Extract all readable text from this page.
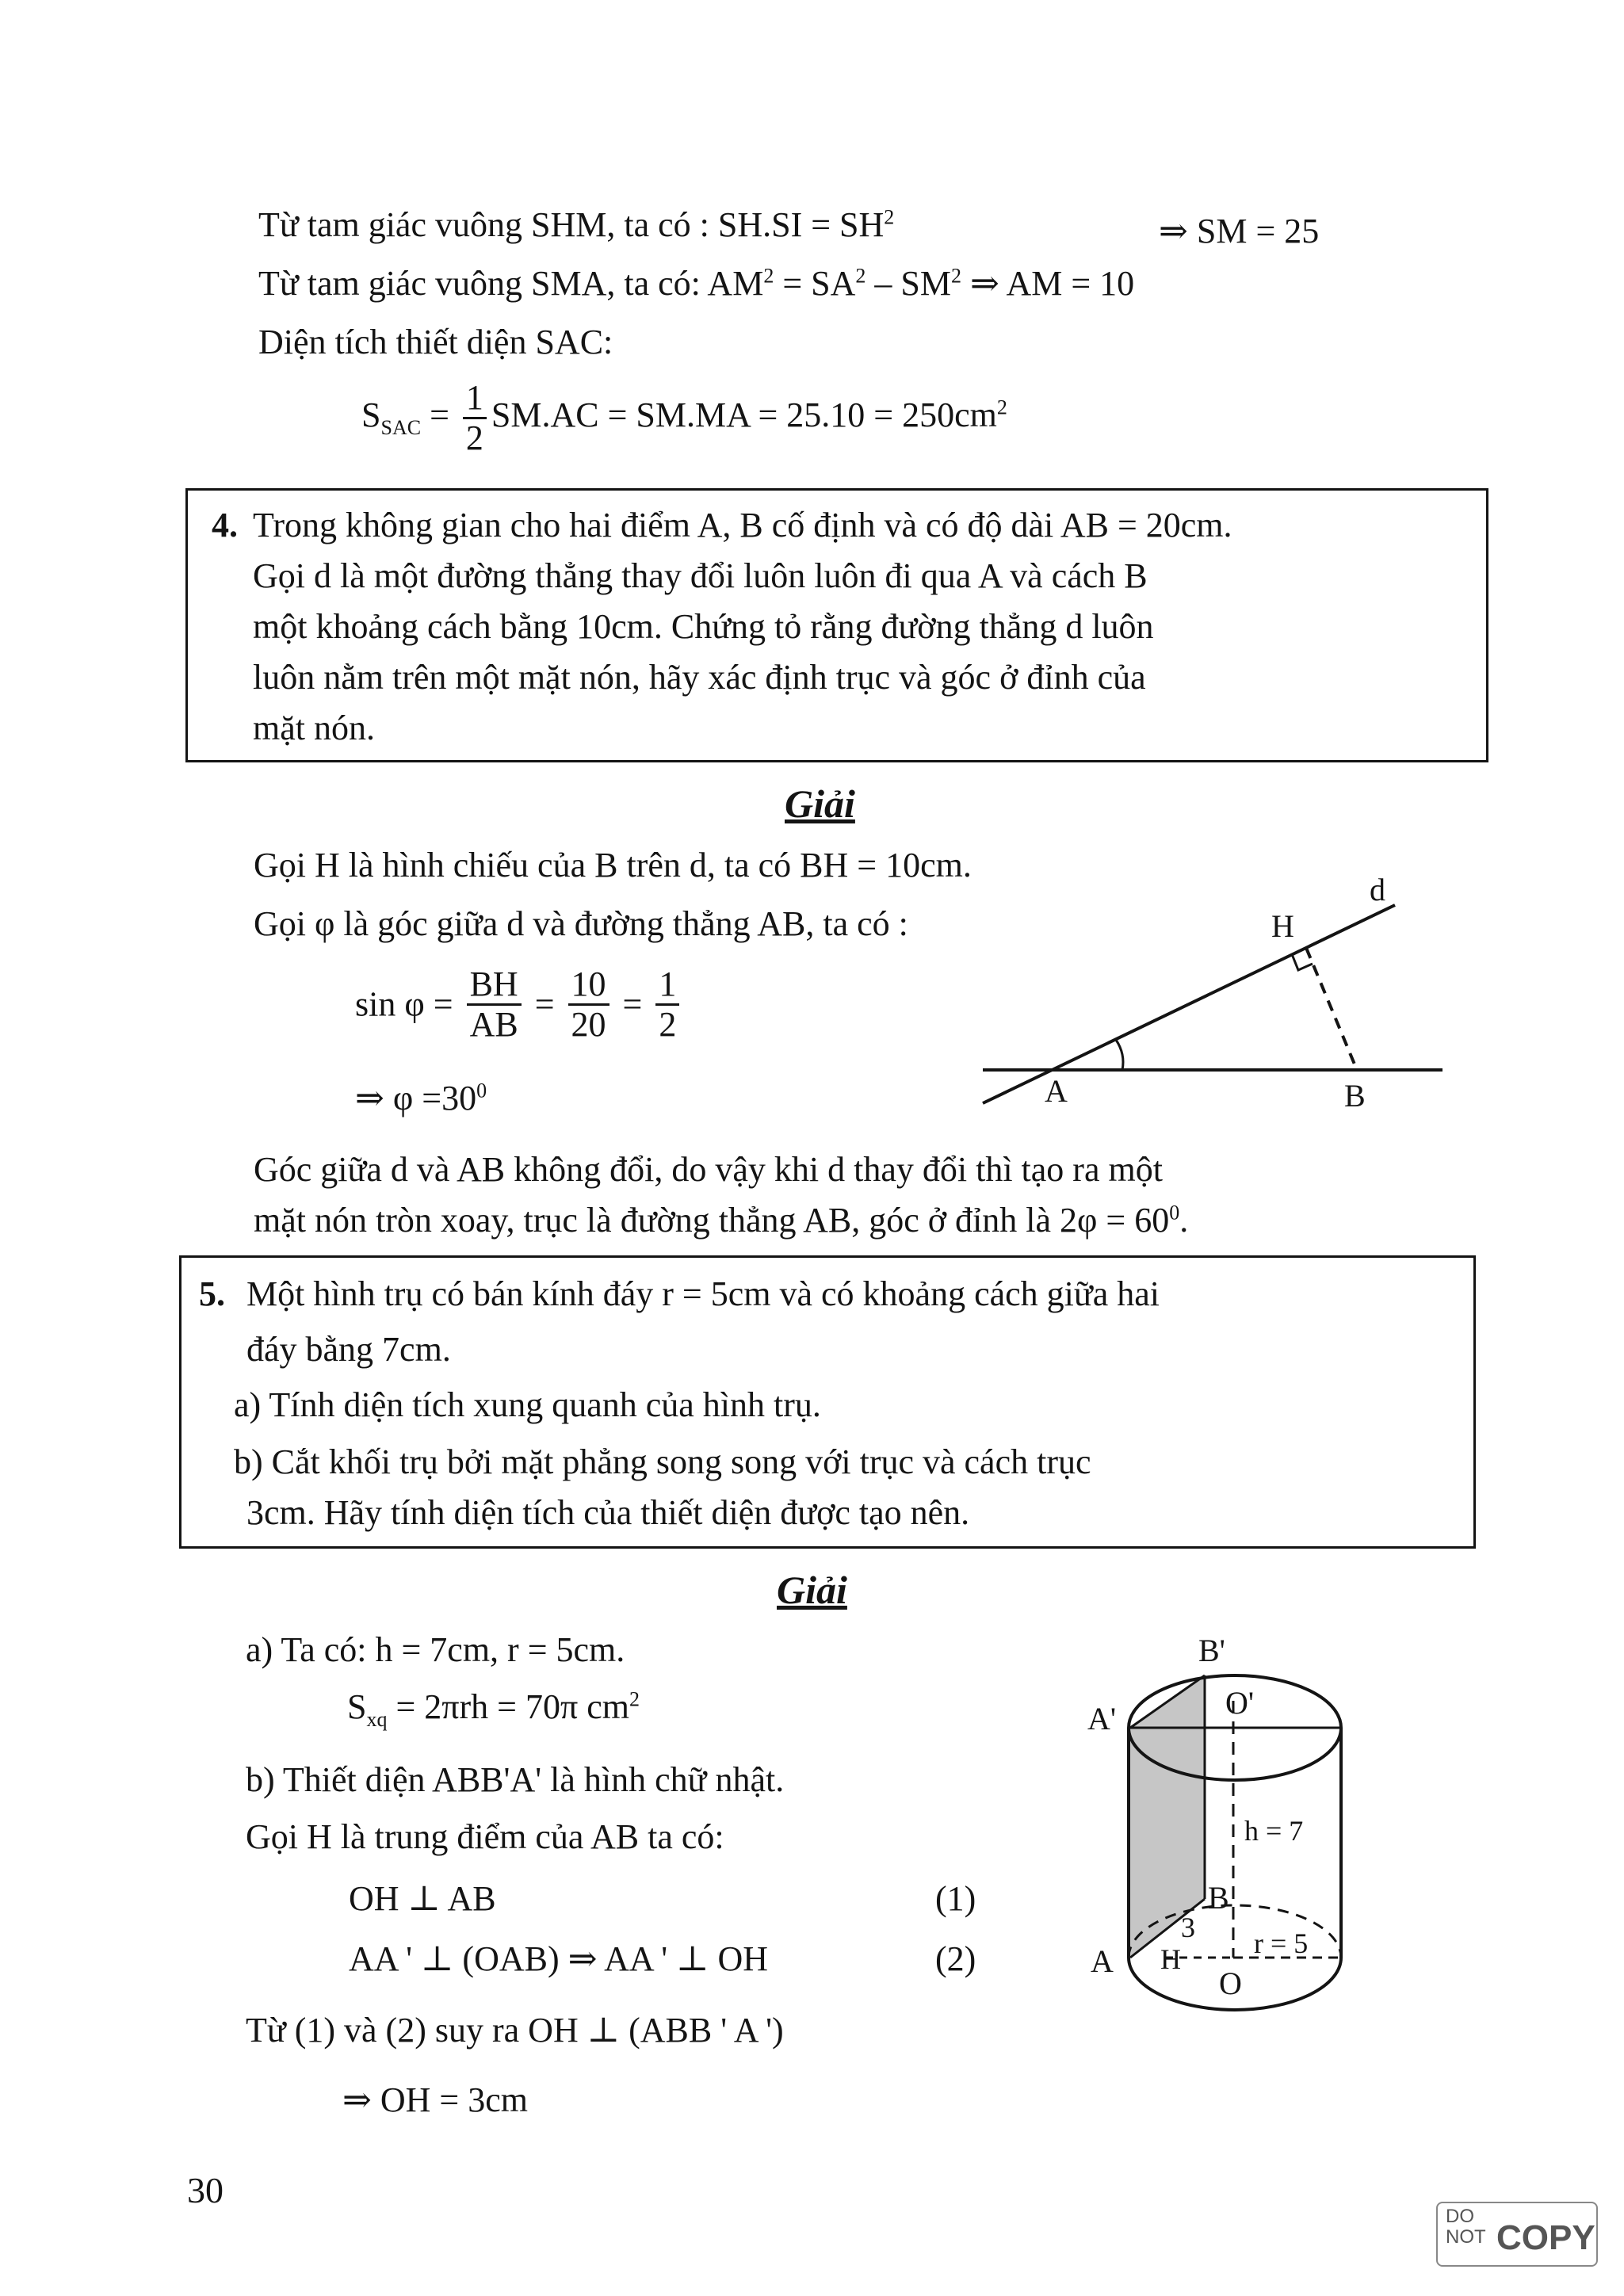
Từ tam giác vuông SHM, ta có : $SH.SI = SH^2$	⇒ SM = 25
Từ tam giác vuông SMA, ta có: $AM^2 = SA^2 - SM^2$ ⇒ AM = 10
Diện tích thiết diện SAC:
$S_{SAC} = \frac{1}{2} SM.AC = SM.MA = 25.10 = 250cm^2$
4. Trong không gian cho hai điểm A, B cố định và có độ dài AB = 20cm.

Gọi d là một đường thẳng thay đổi luôn luôn đi qua A và cách B

một khoảng cách bằng 10cm. Chứng tỏ rằng đường thẳng d luôn

luôn nằm trên một mặt nón, hãy xác định trục và góc ở đỉnh của

mặt nón.

Giải
Gọi H là hình chiếu của B trên d, ta có BH = 10cm.
Gọi φ là góc giữa d và đường thẳng AB, ta có :
$\sin \varphi = \frac{BH}{AB} = \frac{10}{20} = \frac{1}{2}$
⇒ $\varphi =30^0$
d
H
A	B
Góc giữa d và AB không đổi, do vậy khi d thay đổi thì tạo ra một
mặt nón tròn xoay, trục là đường thẳng AB, góc ở đỉnh là $2\varphi = 60^0$.
5. Một hình trụ có bán kính đáy r = 5cm và có khoảng cách giữa hai

đáy bằng 7cm.

a) Tính diện tích xung quanh của hình trụ.

b) Cắt khối trụ bởi mặt phẳng song song với trục và cách trục

3cm. Hãy tính diện tích của thiết diện được tạo nên.

Giải
a) Ta có: h = 7cm, r = 5cm.
$S_{xq} = 2\pi rh = 70\pi$ $cm^2$
b) Thiết diện ABB'A' là hình chữ nhật.
Gọi H là trung điểm của AB ta có:
OH ⊥ AB	(1)
AA ' ⊥ (OAB) ⇒ AA ' ⊥ OH	(2)
Từ (1) và (2) suy ra OH ⊥ (ABB ' A ')
⇒ OH = 3cm
B'
A'	O'
h = 7
B
3
A H	r = 5
O
30
DO
NOT COPY
